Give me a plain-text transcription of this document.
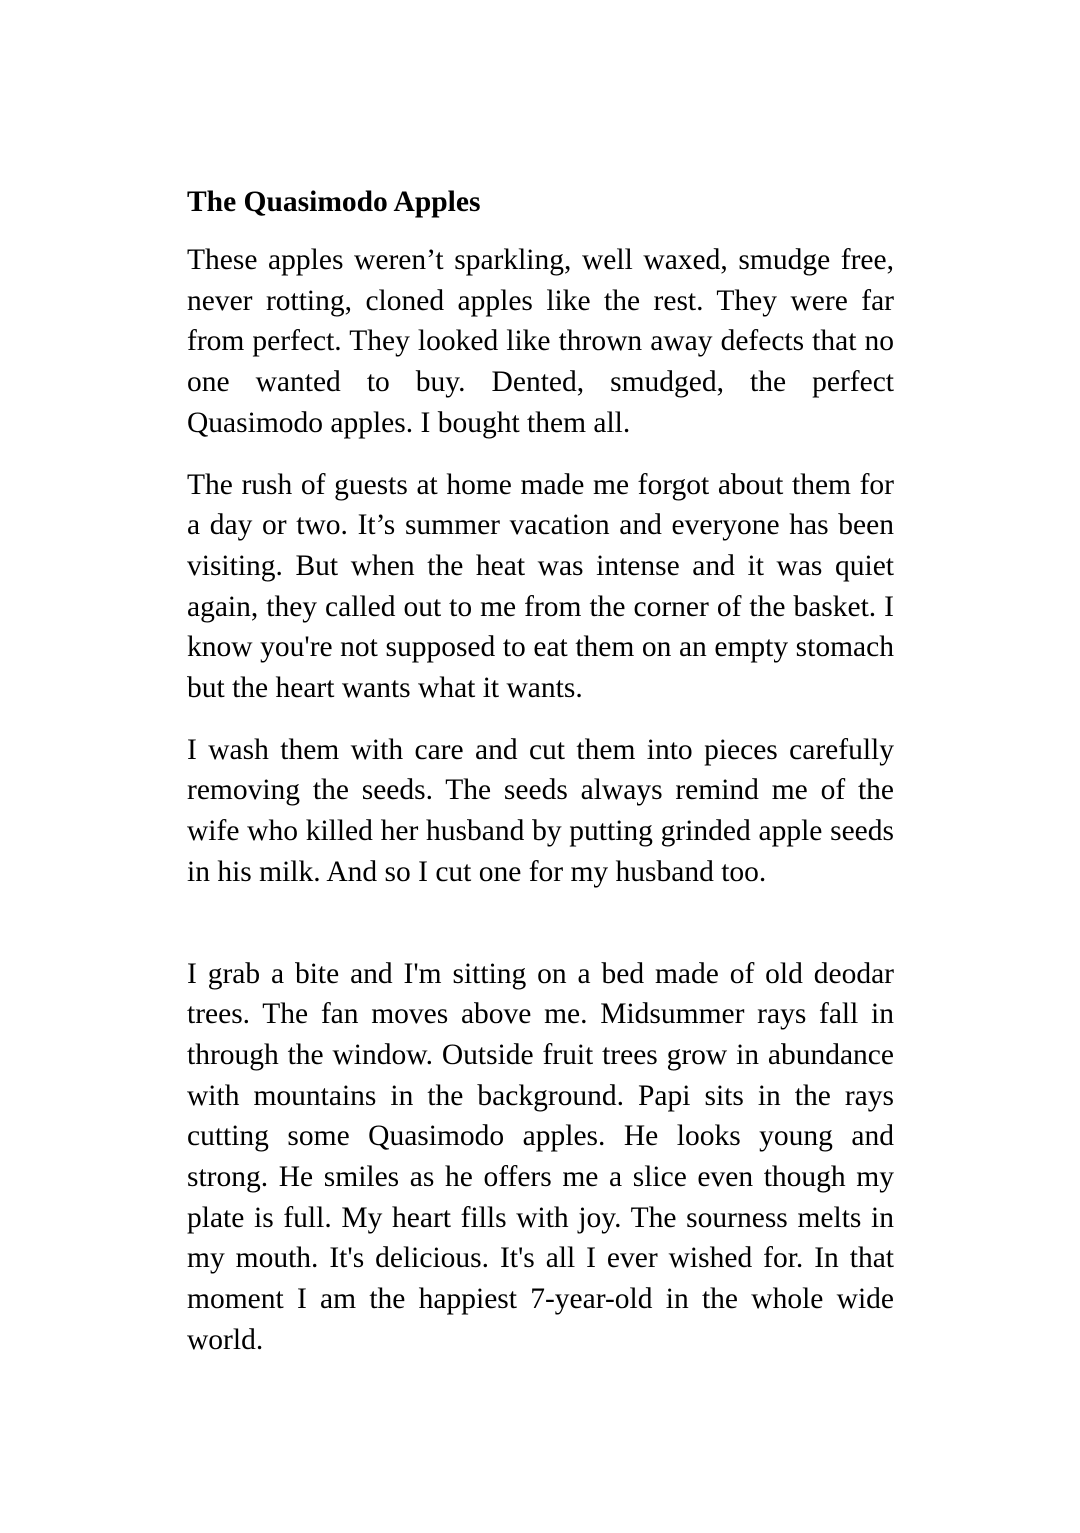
The Quasimodo Apples

These apples weren’t sparkling, well waxed, smudge free, never rotting, cloned apples like the rest. They were far from perfect. They looked like thrown away defects that no one wanted to buy. Dented, smudged, the perfect Quasimodo apples. I bought them all.

The rush of guests at home made me forgot about them for a day or two. It’s summer vacation and everyone has been visiting. But when the heat was intense and it was quiet again, they called out to me from the corner of the basket. I know you're not supposed to eat them on an empty stomach but the heart wants what it wants.

I wash them with care and cut them into pieces carefully removing the seeds. The seeds always remind me of the wife who killed her husband by putting grinded apple seeds in his milk. And so I cut one for my husband too.

I grab a bite and I'm sitting on a bed made of old deodar trees. The fan moves above me. Midsummer rays fall in through the window. Outside fruit trees grow in abundance with mountains in the background. Papi sits in the rays cutting some Quasimodo apples. He looks young and strong. He smiles as he offers me a slice even though my plate is full. My heart fills with joy. The sourness melts in my mouth. It's delicious. It's all I ever wished for. In that moment I am the happiest 7-year-old in the whole wide world.
